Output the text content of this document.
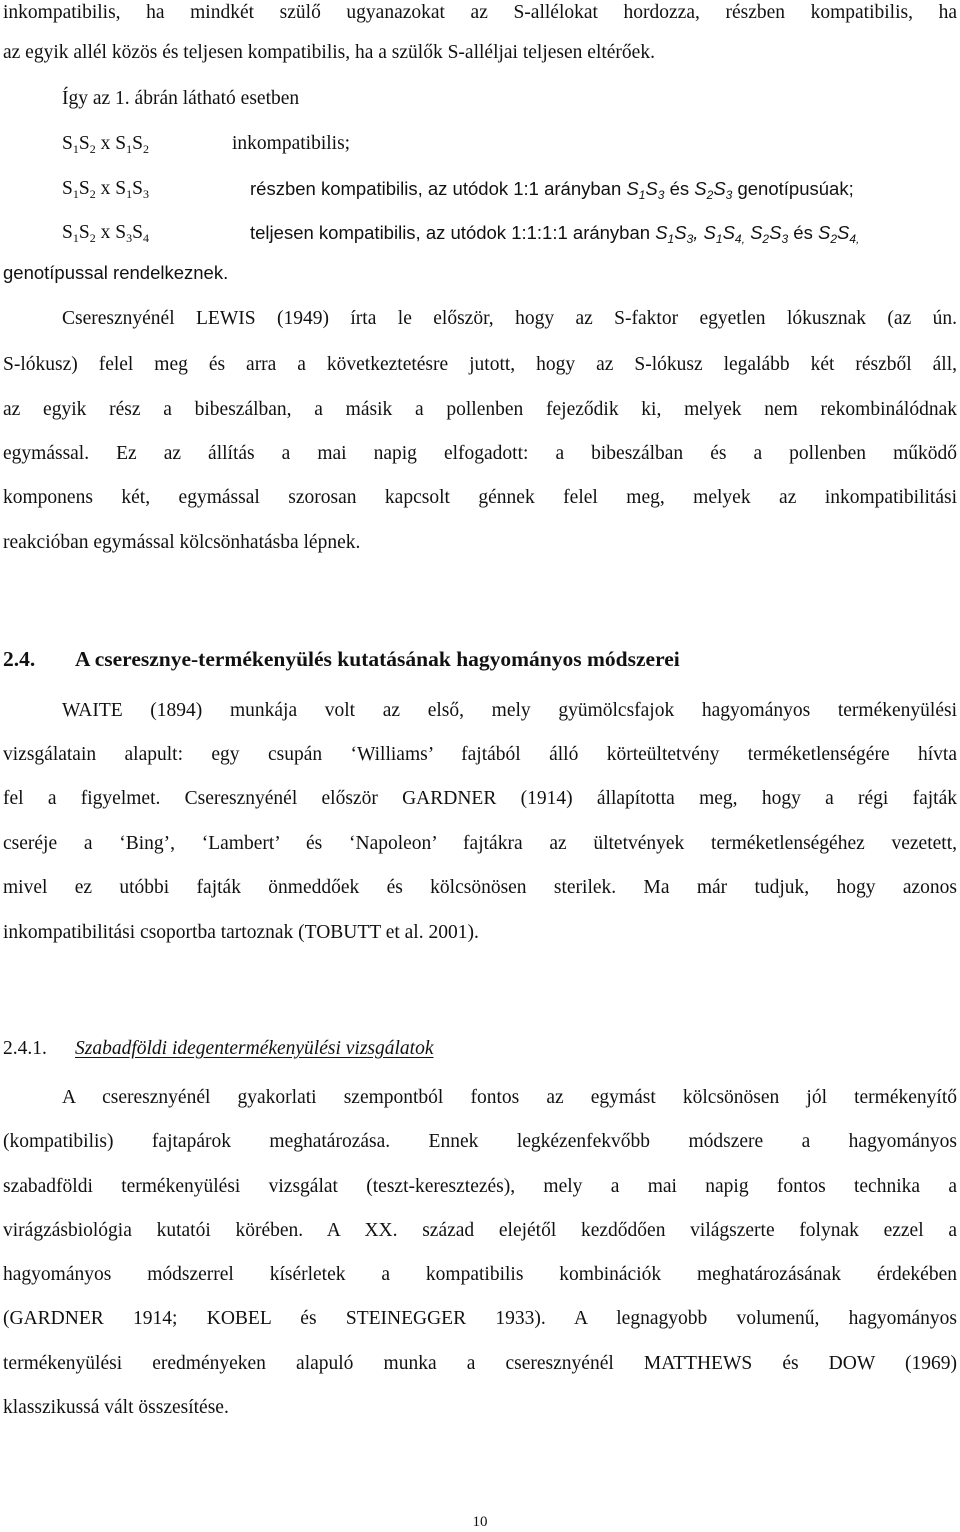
inkompatibilis, ha mindkét szülő ugyanazokat az S-allélokat hordozza, részben kompatibilis, ha
az egyik allél közös és teljesen kompatibilis, ha a szülők S-alléljai teljesen eltérőek.
Így az 1. ábrán látható esetben
$S_1S_2$ x $S_1S_2$	inkompatibilis;
$S_1S_2$ x $S_1S_3$	részben kompatibilis, az utódok 1:1 arányban $S_1S_3$ és $S_2S_3$ genotípusúak;
$S_1S_2$ x $S_3S_4$	teljesen kompatibilis, az utódok 1:1:1:1 arányban $S_1S_3$, $S_1S_{4,}$ $S_2S_3$ és $S_2S_{4,}$
genotípussal rendelkeznek.
Cseresznyénél LEWIS (1949) írta le először, hogy az S-faktor egyetlen lókusznak (az ún.
S-lókusz) felel meg és arra a következtetésre jutott, hogy az S-lókusz legalább két részből áll,
az egyik rész a bibeszálban, a másik a pollenben fejeződik ki, melyek nem rekombinálódnak
egymással. Ez az állítás a mai napig elfogadott: a bibeszálban és a pollenben működő
komponens két, egymással szorosan kapcsolt génnek felel meg, melyek az inkompatibilitási
reakcióban egymással kölcsönhatásba lépnek.
2.4. A cseresznye-termékenyülés kutatásának hagyományos módszerei
WAITE (1894) munkája volt az első, mely gyümölcsfajok hagyományos termékenyülési
vizsgálatain alapult: egy csupán ‘Williams’ fajtából álló körteültetvény terméketlenségére hívta
fel a figyelmet. Cseresznyénél először GARDNER (1914) állapította meg, hogy a régi fajták
cseréje a ‘Bing’, ‘Lambert’ és ‘Napoleon’ fajtákra az ültetvények terméketlenségéhez vezetett,
mivel ez utóbbi fajták önmeddőek és kölcsönösen sterilek. Ma már tudjuk, hogy azonos
inkompatibilitási csoportba tartoznak (TOBUTT et al. 2001).
2.4.1. Szabadföldi idegentermékenyülési vizsgálatok
A cseresznyénél gyakorlati szempontból fontos az egymást kölcsönösen jól termékenyítő
(kompatibilis) fajtapárok meghatározása. Ennek legkézenfekvőbb módszere a hagyományos
szabadföldi termékenyülési vizsgálat (teszt-keresztezés), mely a mai napig fontos technika a
virágzásbiológia kutatói körében. A XX. század elejétől kezdődően világszerte folynak ezzel a
hagyományos módszerrel kísérletek a kompatibilis kombinációk meghatározásának érdekében
(GARDNER 1914; KOBEL és STEINEGGER 1933). A legnagyobb volumenű, hagyományos
termékenyülési eredményeken alapuló munka a cseresznyénél MATTHEWS és DOW (1969)
klasszikussá vált összesítése.
10
